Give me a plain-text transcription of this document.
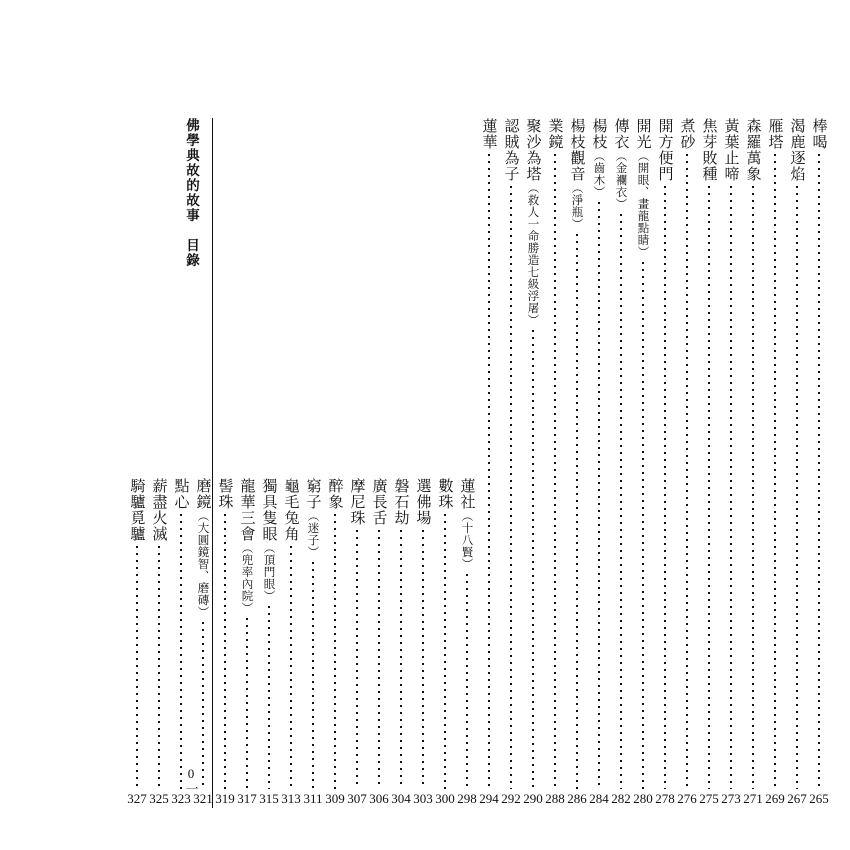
佛學典故的故事　目錄
0一
棒喝
265
渴鹿逐焰
267
雁塔
269
森羅萬象
271
黃葉止啼
273
焦芽敗種
275
煮砂
276
開方便門
278
開光（開眼、畫龍點睛）
280
傳衣（金襴衣）
282
楊枝（齒木）
284
楊枝觀音（淨瓶）
286
業鏡
288
聚沙為塔（救人一命勝造七級浮屠）
290
認賊為子
292
蓮華
294
蓮社（十八賢）
298
數珠
300
選佛場
303
磐石劫
304
廣長舌
306
摩尼珠
307
醉象
309
窮子（迷子）
311
龜毛兔角
313
獨具隻眼（頂門眼）
315
龍華三會（兜率內院）
317
髻珠
319
磨鏡（大圓鏡智、磨磚）
321
點心
323
薪盡火滅
325
騎驢覓驢
327
